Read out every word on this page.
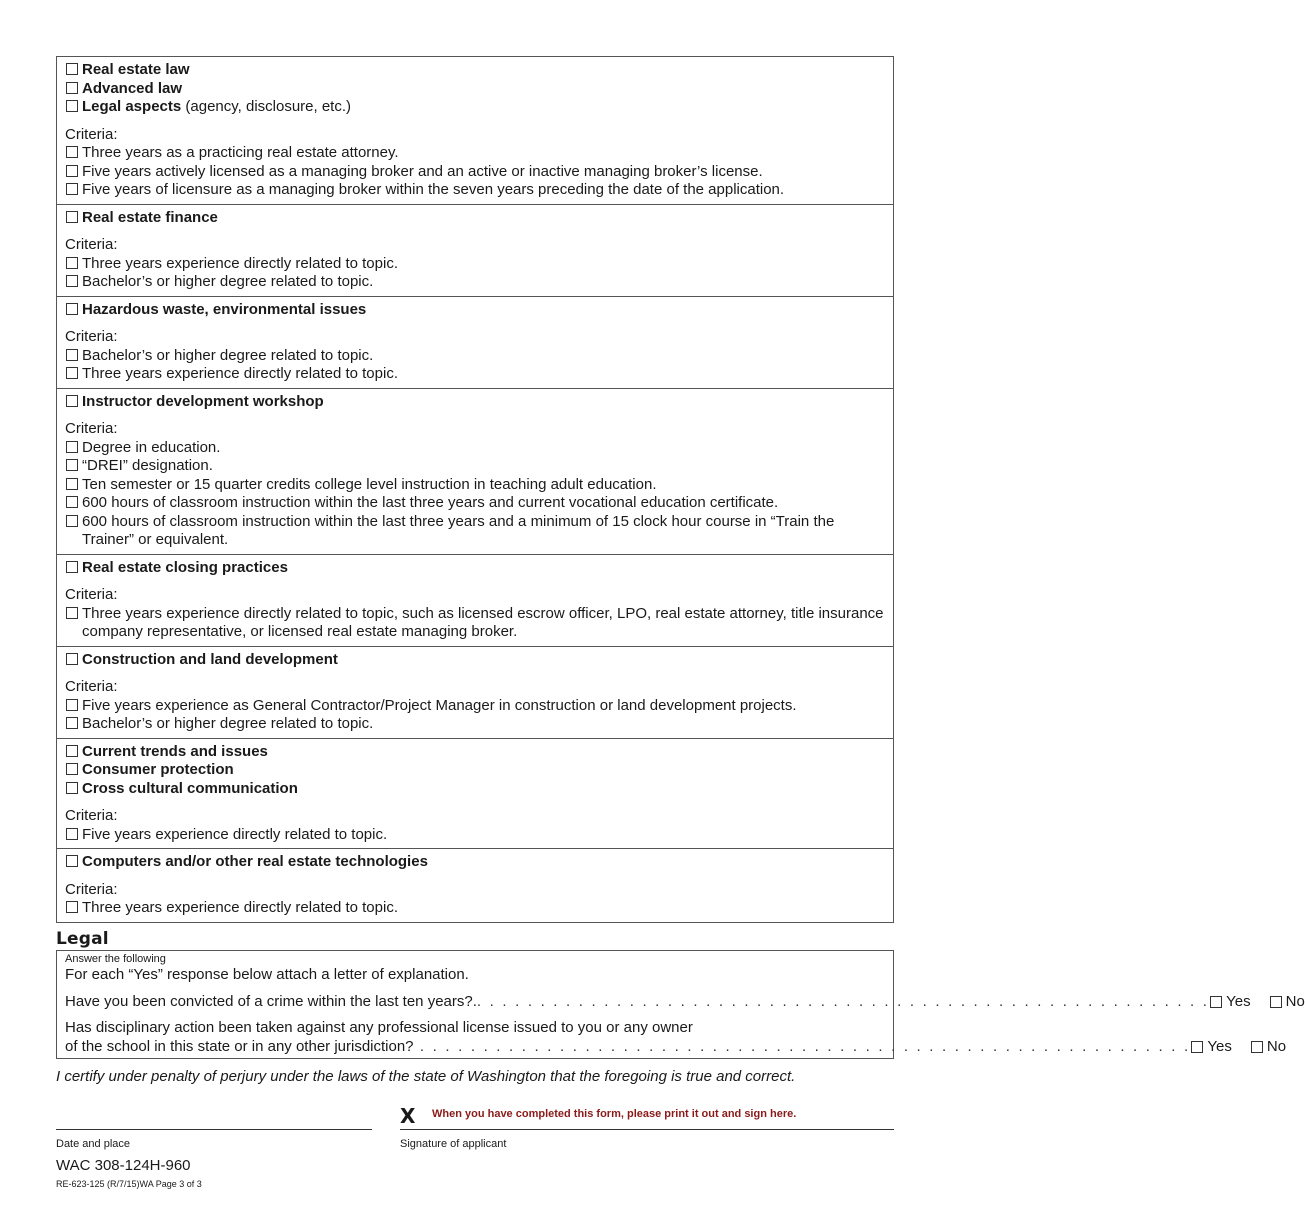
Real estate law
Advanced law
Legal aspects (agency, disclosure, etc.)
Criteria:
Three years as a practicing real estate attorney.
Five years actively licensed as a managing broker and an active or inactive managing broker’s license.
Five years of licensure as a managing broker within the seven years preceding the date of the application.
Real estate finance
Criteria:
Three years experience directly related to topic.
Bachelor’s or higher degree related to topic.
Hazardous waste, environmental issues
Criteria:
Bachelor’s or higher degree related to topic.
Three years experience directly related to topic.
Instructor development workshop
Criteria:
Degree in education.
“DREI” designation.
Ten semester or 15 quarter credits college level instruction in teaching adult education.
600 hours of classroom instruction within the last three years and current vocational education certificate.
600 hours of classroom instruction within the last three years and a minimum of 15 clock hour course in “Train the Trainer” or equivalent.
Real estate closing practices
Criteria:
Three years experience directly related to topic, such as licensed escrow officer, LPO, real estate attorney, title insurance company representative, or licensed real estate managing broker.
Construction and land development
Criteria:
Five years experience as General Contractor/Project Manager in construction or land development projects.
Bachelor’s or higher degree related to topic.
Current trends and issues
Consumer protection
Cross cultural communication
Criteria:
Five years experience directly related to topic.
Computers and/or other real estate technologies
Criteria:
Three years experience directly related to topic.
Legal
Answer the following
For each “Yes” response below attach a letter of explanation.
Have you been convicted of a crime within the last ten years?. . . . . . . . . . . . . . . . . . . . . . . . . . . . . . . . . . . . . . . . . . . . . . . . . . . . . . . . . . . Yes No
Has disciplinary action been taken against any professional license issued to you or any owner
of the school in this state or in any other jurisdiction? . . . . . . . . . . . . . . . . . . . . . . . . . . . . . . . . . . . . . . . . . . . . . . . . . . . . . . . . . . . . . Yes No
I certify under penalty of perjury under the laws of the state of Washington that the foregoing is true and correct.
Date and place
X When you have completed this form, please print it out and sign here.
Signature of applicant
WAC 308-124H-960
RE-623-125 (R/7/15)WA Page 3 of 3
